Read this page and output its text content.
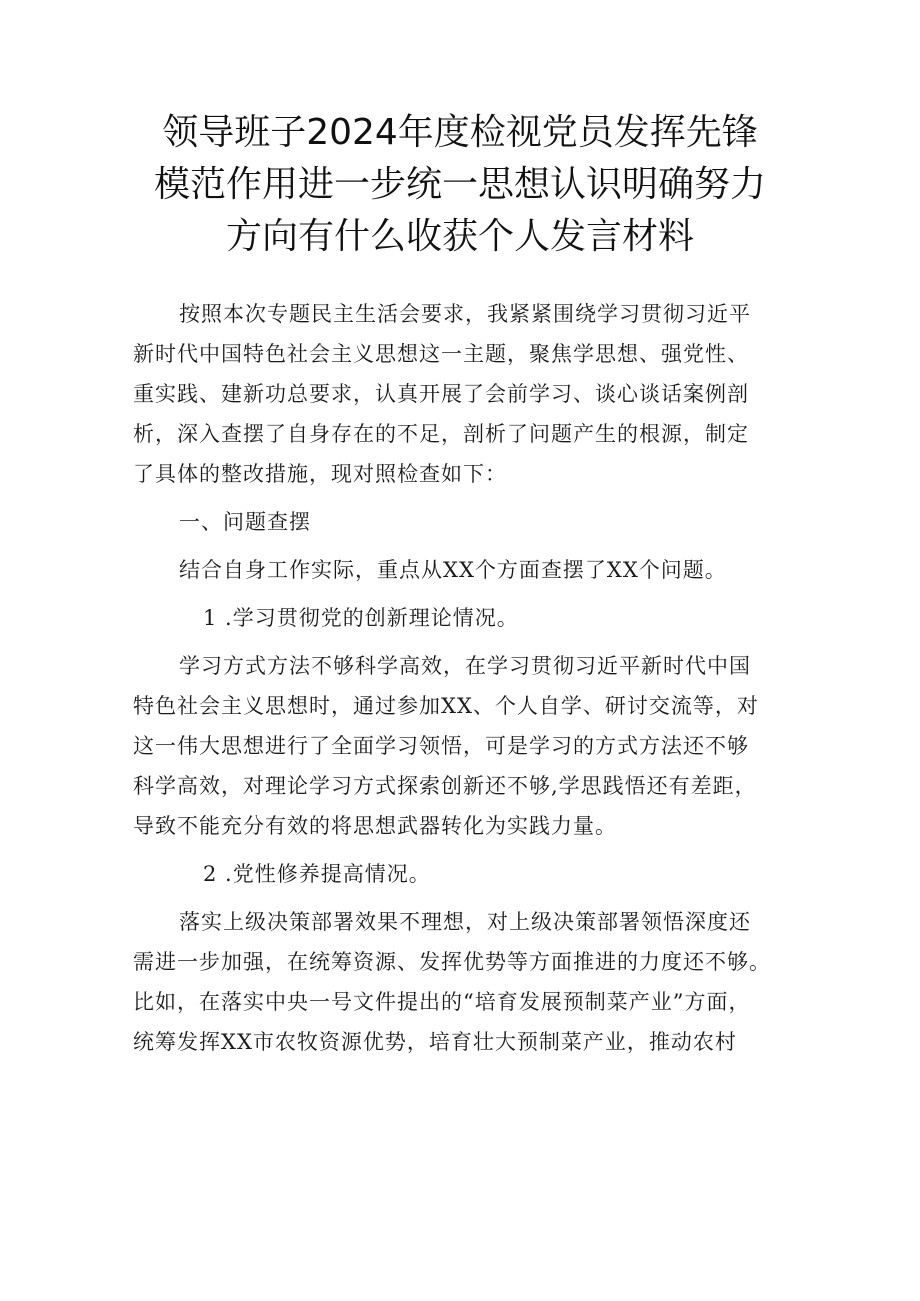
领导班子2024年度检视党员发挥先锋
模范作用进一步统一思想认识明确努力
方向有什么收获个人发言材料

按照本次专题民主生活会要求，我紧紧围绕学习贯彻习近平
新时代中国特色社会主义思想这一主题，聚焦学思想、强党性、
重实践、建新功总要求，认真开展了会前学习、谈心谈话案例剖
析，深入查摆了自身存在的不足，剖析了问题产生的根源，制定
了具体的整改措施，现对照检查如下：

一、问题查摆

结合自身工作实际，重点从XX个方面查摆了XX个问题。

1 .学习贯彻党的创新理论情况。

学习方式方法不够科学高效，在学习贯彻习近平新时代中国
特色社会主义思想时，通过参加XX、个人自学、研讨交流等，对
这一伟大思想进行了全面学习领悟，可是学习的方式方法还不够
科学高效，对理论学习方式探索创新还不够,学思践悟还有差距，
导致不能充分有效的将思想武器转化为实践力量。

2 .党性修养提高情况。

落实上级决策部署效果不理想，对上级决策部署领悟深度还
需进一步加强，在统筹资源、发挥优势等方面推进的力度还不够。
比如，在落实中央一号文件提出的“培育发展预制菜产业”方面，
统筹发挥XX市农牧资源优势，培育壮大预制菜产业，推动农村
